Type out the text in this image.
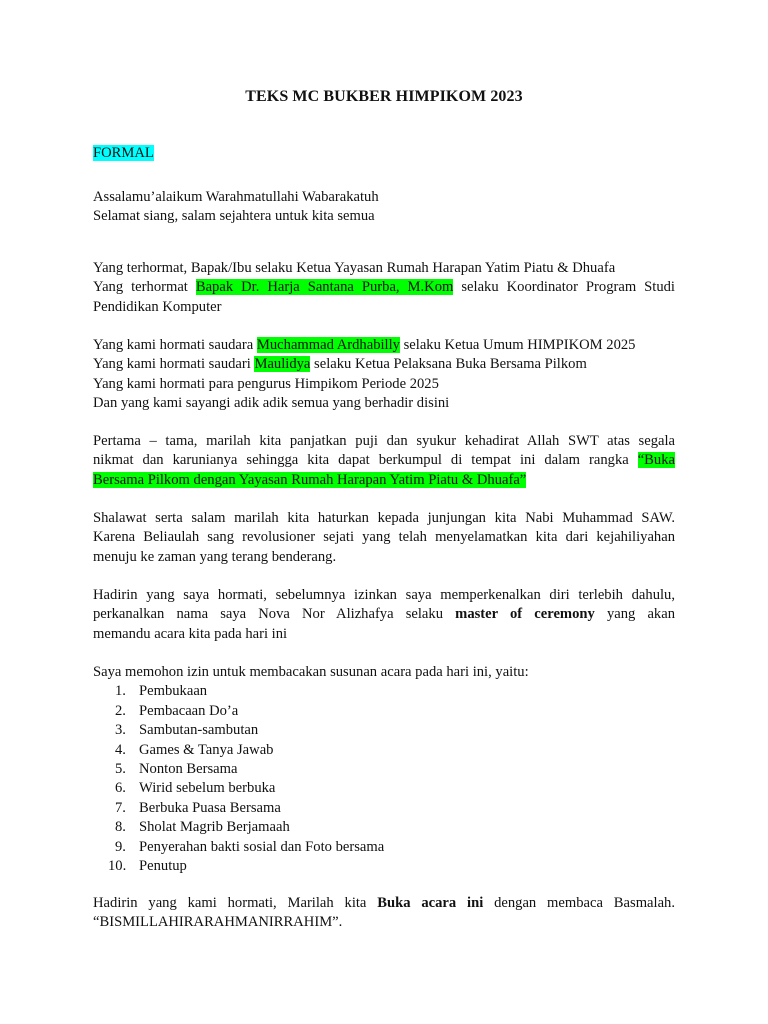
TEKS MC BUKBER HIMPIKOM 2023
FORMAL
Assalamu’alaikum Warahmatullahi Wabarakatuh
Selamat siang, salam sejahtera untuk kita semua
Yang terhormat, Bapak/Ibu selaku Ketua Yayasan Rumah Harapan Yatim Piatu & Dhuafa
Yang terhormat Bapak Dr. Harja Santana Purba, M.Kom selaku Koordinator Program Studi
Pendidikan Komputer
Yang kami hormati saudara Muchammad Ardhabilly selaku Ketua Umum HIMPIKOM 2025
Yang kami hormati saudari Maulidya selaku Ketua Pelaksana Buka Bersama Pilkom
Yang kami hormati para pengurus Himpikom Periode 2025
Dan yang kami sayangi adik adik semua yang berhadir disini
Pertama – tama, marilah kita panjatkan puji dan syukur kehadirat Allah SWT atas segala
nikmat dan karunianya sehingga kita dapat berkumpul di tempat ini dalam rangka “Buka
Bersama Pilkom dengan Yayasan Rumah Harapan Yatim Piatu & Dhuafa”
Shalawat serta salam marilah kita haturkan kepada junjungan kita Nabi Muhammad SAW.
Karena Beliaulah sang revolusioner sejati yang telah menyelamatkan kita dari kejahiliyahan
menuju ke zaman yang terang benderang.
Hadirin yang saya hormati, sebelumnya izinkan saya memperkenalkan diri terlebih dahulu,
perkanalkan nama saya Nova Nor Alizhafya selaku master of ceremony yang akan
memandu acara kita pada hari ini
Saya memohon izin untuk membacakan susunan acara pada hari ini, yaitu:
1. Pembukaan
2. Pembacaan Do’a
3. Sambutan-sambutan
4. Games & Tanya Jawab
5. Nonton Bersama
6. Wirid sebelum berbuka
7. Berbuka Puasa Bersama
8. Sholat Magrib Berjamaah
9. Penyerahan bakti sosial dan Foto bersama
10. Penutup
Hadirin yang kami hormati, Marilah kita Buka acara ini dengan membaca Basmalah.
“BISMILLAHIRARAHMANIRRAHIM”.
